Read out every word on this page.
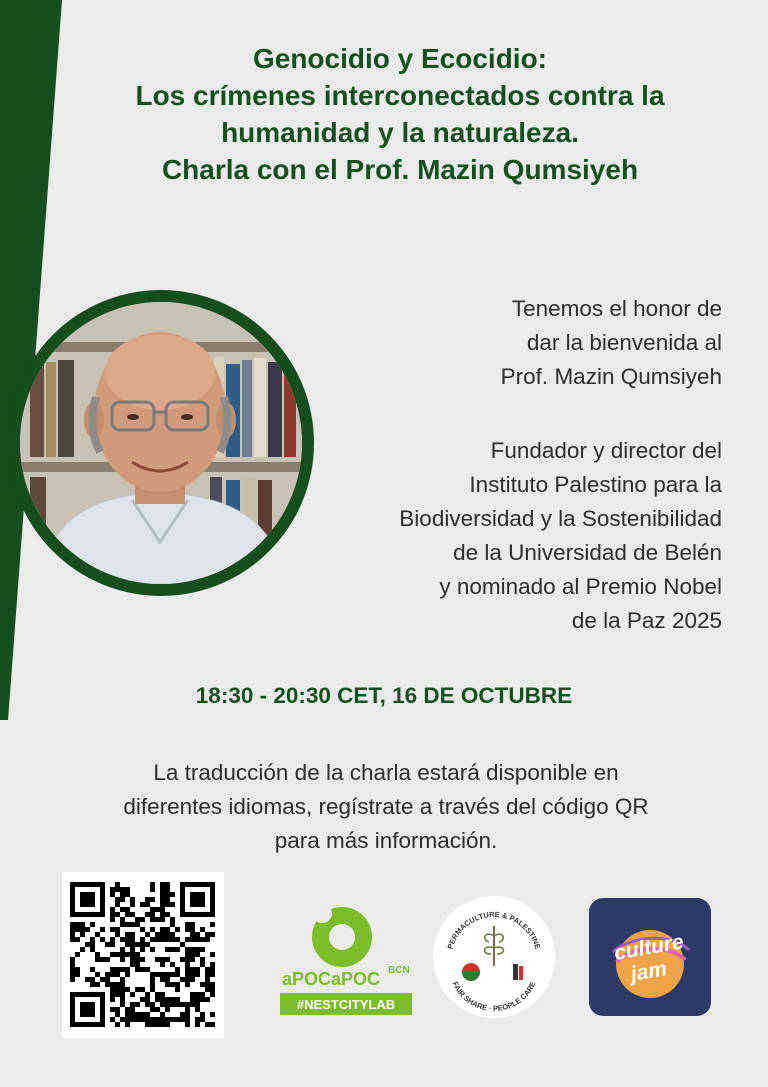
Genocidio y Ecocidio:
Los crímenes interconectados contra la
humanidad y la naturaleza.
Charla con el Prof. Mazin Qumsiyeh

Tenemos el honor de
dar la bienvenida al
Prof. Mazin Qumsiyeh

Fundador y director del
Instituto Palestino para la
Biodiversidad y la Sostenibilidad
de la Universidad de Belén
y nominado al Premio Nobel
de la Paz 2025

18:30 - 20:30 CET, 16 DE OCTUBRE

La traducción de la charla estará disponible en
diferentes idiomas, regístrate a través del código QR
para más información.

aPOCaPOC BCN
#NESTCITYLAB
PERMACULTURE & PALESTINE
FAIR SHARE · PEOPLE CARE
culture
jam
